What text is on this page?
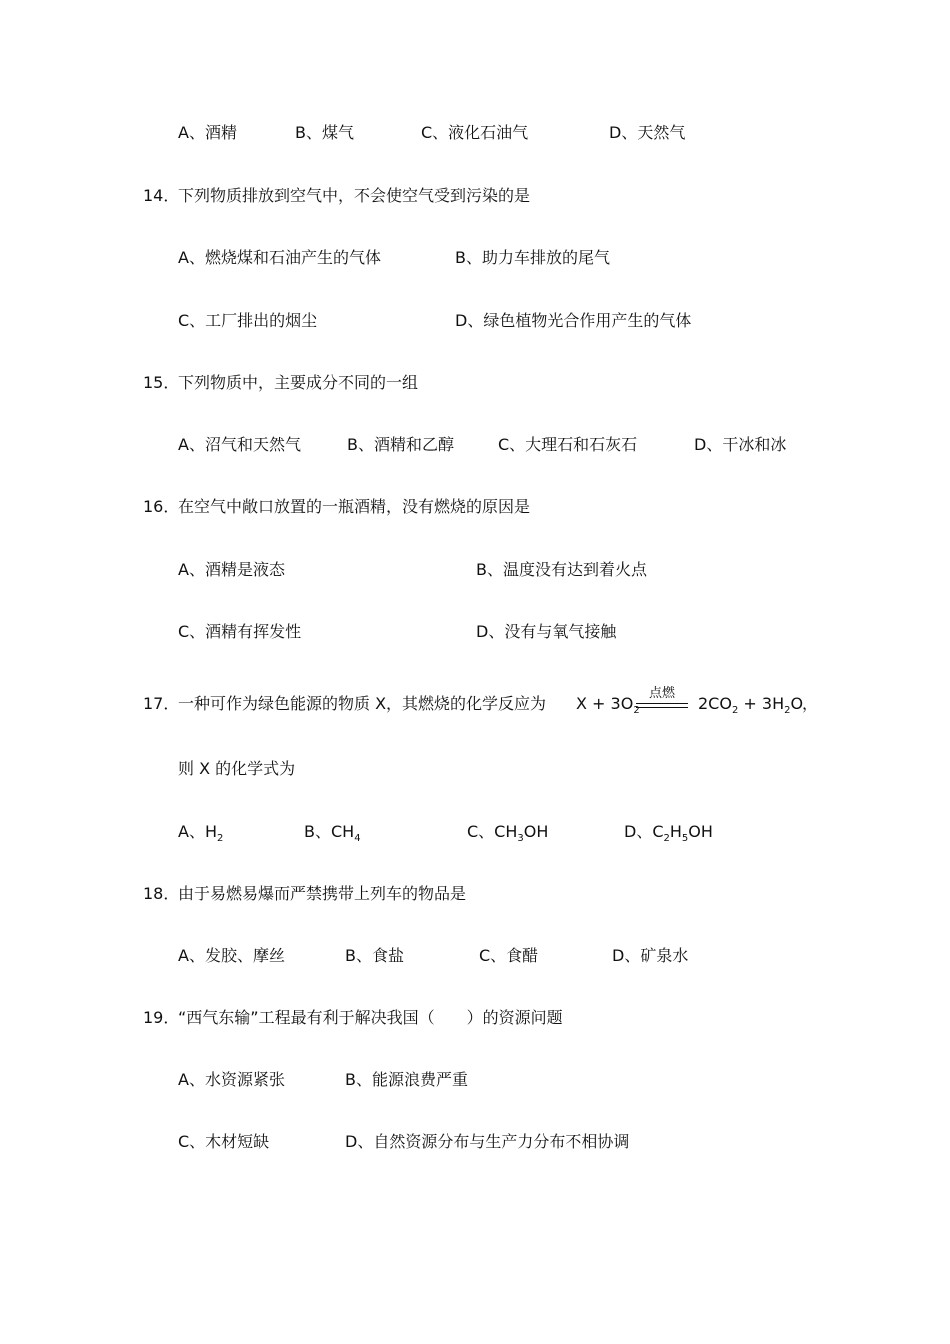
A、酒精	B、煤气	C、液化石油气	D、天然气
14．下列物质排放到空气中，不会使空气受到污染的是
A、燃烧煤和石油产生的气体	B、助力车排放的尾气
C、工厂排出的烟尘	D、绿色植物光合作用产生的气体
15．下列物质中，主要成分不同的一组
A、沼气和天然气	B、酒精和乙醇	C、大理石和石灰石	D、干冰和冰
16．在空气中敞口放置的一瓶酒精，没有燃烧的原因是
A、酒精是液态	B、温度没有达到着火点
C、酒精有挥发性	D、没有与氧气接触
17．一种可作为绿色能源的物质 X，其燃烧的化学反应为 $X + 3O_2$
点燃
$2CO_2 + 3H_2O$
，
则 X 的化学式为
A、$H_2$	B、$CH_4$	C、$CH_3OH$	D、$C_2H_5OH$
18．由于易燃易爆而严禁携带上列车的物品是
A、发胶、摩丝	B、食盐	C、食醋	D、矿泉水
19．“西气东输”工程最有利于解决我国（　　）的资源问题
A、水资源紧张	B、能源浪费严重
C、木材短缺	D、自然资源分布与生产力分布不相协调
